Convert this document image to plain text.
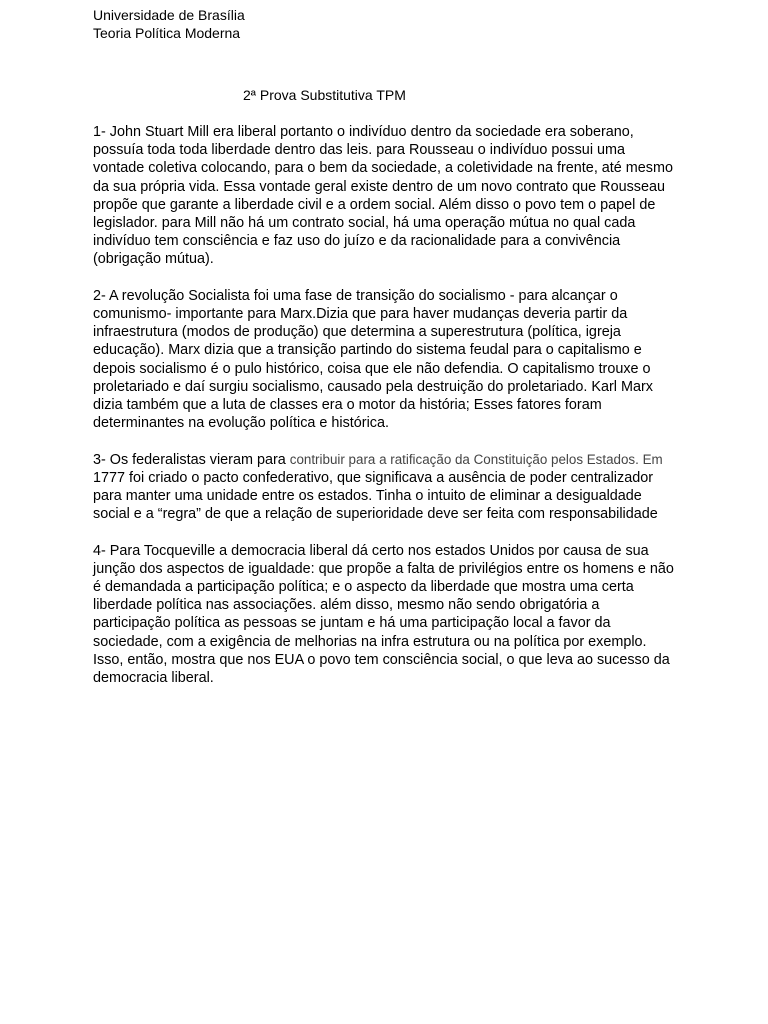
Universidade de Brasília
Teoria Política Moderna
2ª Prova Substitutiva TPM

1- John Stuart Mill era liberal portanto o indivíduo dentro da sociedade era soberano, possuía toda toda liberdade dentro das leis. para Rousseau o indivíduo possui uma vontade coletiva colocando, para o bem da sociedade, a coletividade na frente, até mesmo da sua própria vida. Essa vontade geral existe dentro de um novo contrato que Rousseau propõe que garante a liberdade civil e a ordem social. Além disso o povo tem o papel de legislador. para Mill não há um contrato social, há uma operação mútua no qual cada indivíduo tem consciência e faz uso do juízo e da racionalidade para a convivência (obrigação mútua).

2- A revolução Socialista foi uma fase de transição do socialismo - para alcançar o comunismo- importante para Marx.Dizia que para haver mudanças deveria partir da infraestrutura (modos de produção) que determina a superestrutura (política, igreja educação). Marx dizia que a transição partindo do sistema feudal para o capitalismo e depois socialismo é o pulo histórico, coisa que ele não defendia. O capitalismo trouxe o proletariado e daí surgiu socialismo, causado pela destruição do proletariado. Karl Marx dizia também que a luta de classes era o motor da história; Esses fatores foram determinantes na evolução política e histórica.

3- Os federalistas vieram para contribuir para a ratificação da Constituição pelos Estados. Em 1777 foi criado o pacto confederativo, que significava a ausência de poder centralizador para manter uma unidade entre os estados. Tinha o intuito de eliminar a desigualdade social e a “regra” de que a relação de superioridade deve ser feita com responsabilidade

4- Para Tocqueville a democracia liberal dá certo nos estados Unidos por causa de sua junção dos aspectos de igualdade: que propõe a falta de privilégios entre os homens e não é demandada a participação política; e o aspecto da liberdade que mostra uma certa liberdade política nas associações. além disso, mesmo não sendo obrigatória a participação política as pessoas se juntam e há uma participação local a favor da sociedade, com a exigência de melhorias na infra estrutura ou na política por exemplo. Isso, então, mostra que nos EUA o povo tem consciência social, o que leva ao sucesso da democracia liberal.
